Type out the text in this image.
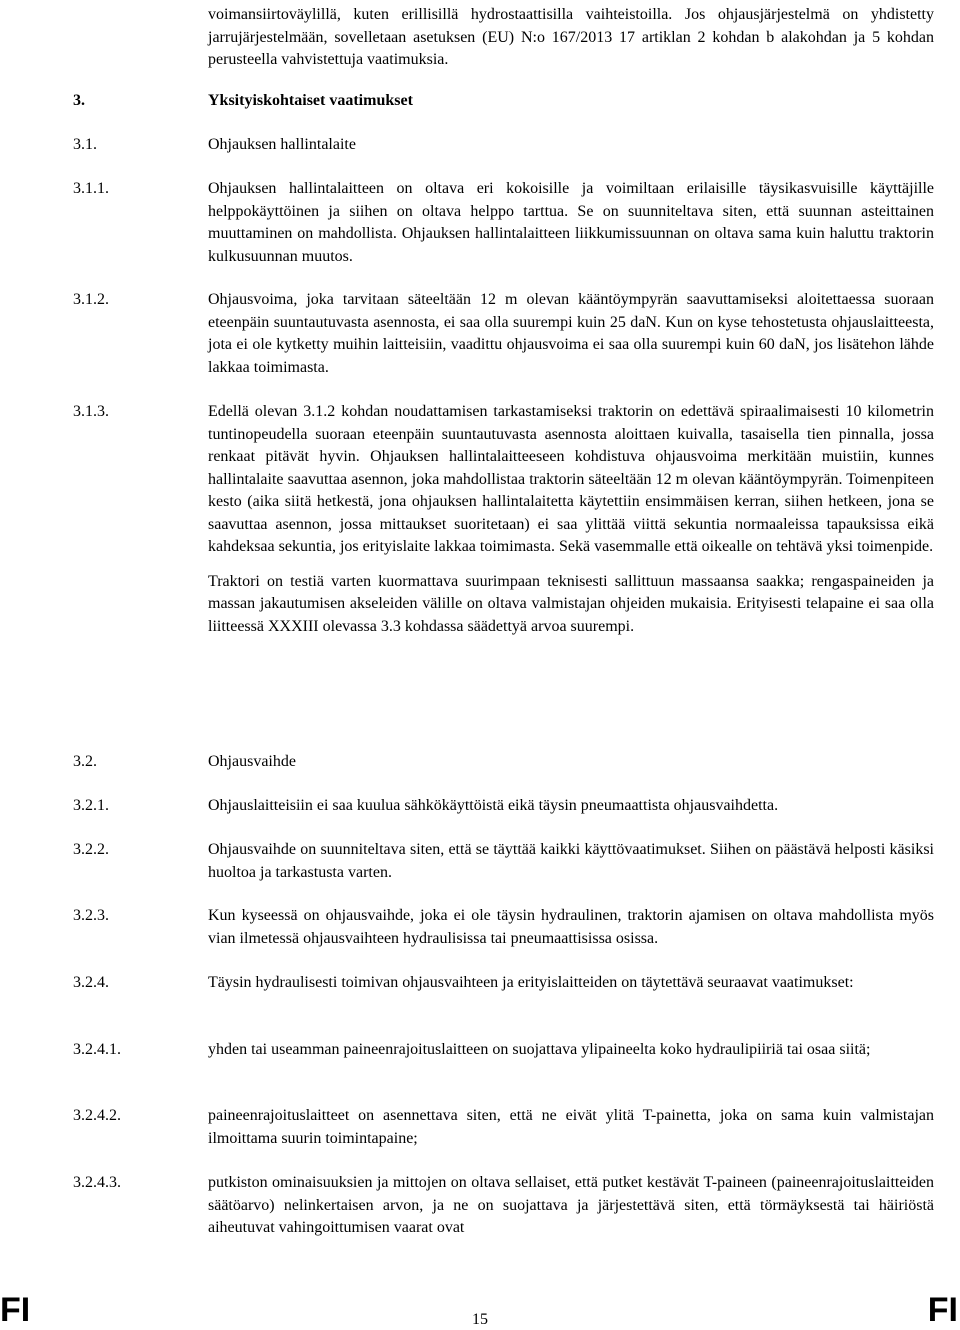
voimansiirtoväylillä, kuten erillisillä hydrostaattisilla vaihteistoilla. Jos ohjausjärjestelmä on yhdistetty jarrujärjestelmään, sovelletaan asetuksen (EU) N:o 167/2013 17 artiklan 2 kohdan b alakohdan ja 5 kohdan perusteella vahvistettuja vaatimuksia.
3.	Yksityiskohtaiset vaatimukset
3.1.	Ohjauksen hallintalaite
3.1.1.	Ohjauksen hallintalaitteen on oltava eri kokoisille ja voimiltaan erilaisille täysikasvuisille käyttäjille helppokäyttöinen ja siihen on oltava helppo tarttua. Se on suunniteltava siten, että suunnan asteittainen muuttaminen on mahdollista. Ohjauksen hallintalaitteen liikkumissuunnan on oltava sama kuin haluttu traktorin kulkusuunnan muutos.
3.1.2.	Ohjausvoima, joka tarvitaan säteeltään 12 m olevan kääntöympyrän saavuttamiseksi aloitettaessa suoraan eteenpäin suuntautuvasta asennosta, ei saa olla suurempi kuin 25 daN. Kun on kyse tehostetusta ohjauslaitteesta, jota ei ole kytketty muihin laitteisiin, vaadittu ohjausvoima ei saa olla suurempi kuin 60 daN, jos lisätehon lähde lakkaa toimimasta.
3.1.3.	Edellä olevan 3.1.2 kohdan noudattamisen tarkastamiseksi traktorin on edettävä spiraalimaisesti 10 kilometrin tuntinopeudella suoraan eteenpäin suuntautuvasta asennosta aloittaen kuivalla, tasaisella tien pinnalla, jossa renkaat pitävät hyvin. Ohjauksen hallintalaitteeseen kohdistuva ohjausvoima merkitään muistiin, kunnes hallintalaite saavuttaa asennon, joka mahdollistaa traktorin säteeltään 12 m olevan kääntöympyrän. Toimenpiteen kesto (aika siitä hetkestä, jona ohjauksen hallintalaitetta käytettiin ensimmäisen kerran, siihen hetkeen, jona se saavuttaa asennon, jossa mittaukset suoritetaan) ei saa ylittää viittä sekuntia normaaleissa tapauksissa eikä kahdeksaa sekuntia, jos erityislaite lakkaa toimimasta. Sekä vasemmalle että oikealle on tehtävä yksi toimenpide.

Traktori on testiä varten kuormattava suurimpaan teknisesti sallittuun massaansa saakka; rengaspaineiden ja massan jakautumisen akseleiden välille on oltava valmistajan ohjeiden mukaisia. Erityisesti telapaine ei saa olla liitteessä XXXIII olevassa 3.3 kohdassa säädettyä arvoa suurempi.

3.2.	Ohjausvaihde
3.2.1.	Ohjauslaitteisiin ei saa kuulua sähkökäyttöistä eikä täysin pneumaattista ohjausvaihdetta.
3.2.2.	Ohjausvaihde on suunniteltava siten, että se täyttää kaikki käyttövaatimukset. Siihen on päästävä helposti käsiksi huoltoa ja tarkastusta varten.
3.2.3.	Kun kyseessä on ohjausvaihde, joka ei ole täysin hydraulinen, traktorin ajamisen on oltava mahdollista myös vian ilmetessä ohjausvaihteen hydraulisissa tai pneumaattisissa osissa.
3.2.4.	Täysin hydraulisesti toimivan ohjausvaihteen ja erityislaitteiden on täytettävä seuraavat vaatimukset:
3.2.4.1.	yhden tai useamman paineenrajoituslaitteen on suojattava ylipaineelta koko hydraulipiiriä tai osaa siitä;
3.2.4.2.	paineenrajoituslaitteet on asennettava siten, että ne eivät ylitä T-painetta, joka on sama kuin valmistajan ilmoittama suurin toimintapaine;
3.2.4.3.	putkiston ominaisuuksien ja mittojen on oltava sellaiset, että putket kestävät T-paineen (paineenrajoituslaitteiden säätöarvo) nelinkertaisen arvon, ja ne on suojattava ja järjestettävä siten, että törmäyksestä tai häiriöstä aiheutuvat vahingoittumisen vaarat ovat
FI	15	FI
